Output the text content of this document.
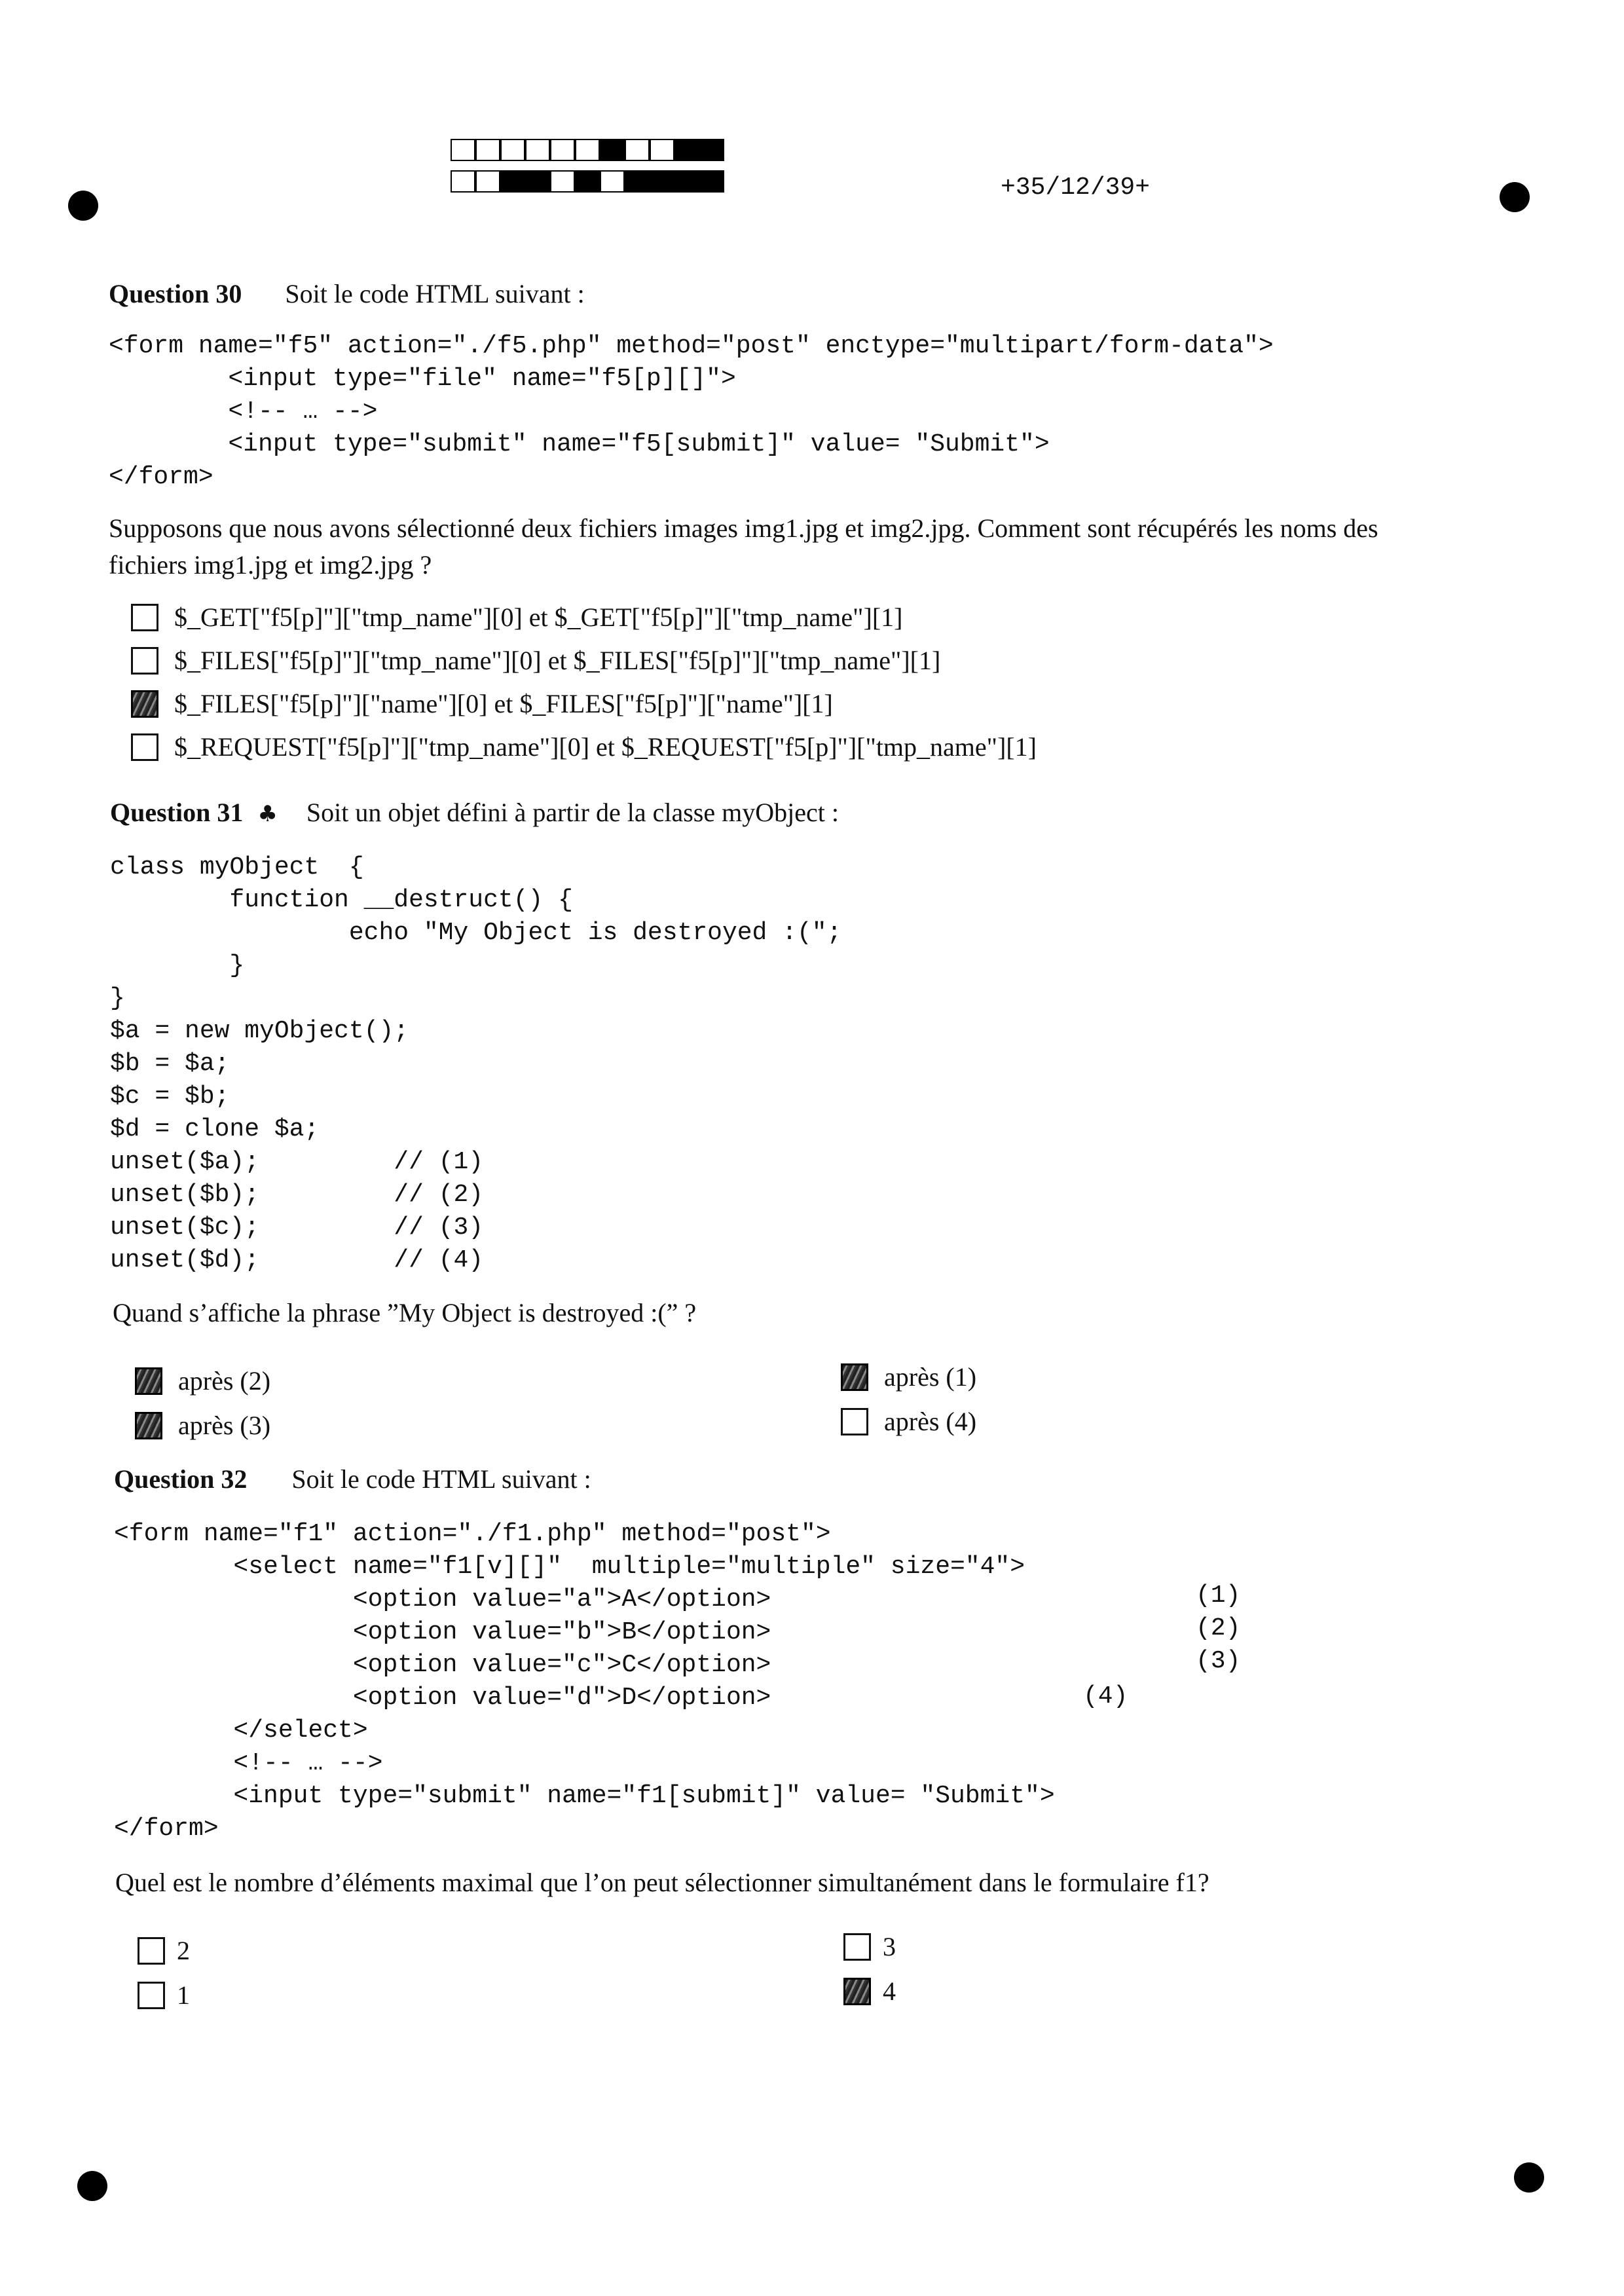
+35/12/39+
Question 30 Soit le code HTML suivant :
<form name="f5" action="./f5.php" method="post" enctype="multipart/form-data">
<input type="file" name="f5[p][]">
<!-- … -->
<input type="submit" name="f5[submit]" value= "Submit">
</form>
Supposons que nous avons sélectionné deux fichiers images img1.jpg et img2.jpg. Comment sont récupérés les noms des
fichiers img1.jpg et img2.jpg ?
$_GET["f5[p]"]["tmp_name"][0] et $_GET["f5[p]"]["tmp_name"][1]
$_FILES["f5[p]"]["tmp_name"][0] et $_FILES["f5[p]"]["tmp_name"][1]
$_FILES["f5[p]"]["name"][0] et $_FILES["f5[p]"]["name"][1]
$_REQUEST["f5[p]"]["tmp_name"][0] et $_REQUEST["f5[p]"]["tmp_name"][1]
Question 31 ♣ Soit un objet défini à partir de la classe myObject :
class myObject  {
function __destruct() {
echo "My Object is destroyed :(";
}
}
$a = new myObject();
$b = $a;
$c = $b;
$d = clone $a;
unset($a);         // (1)
unset($b);         // (2)
unset($c);         // (3)
unset($d);         // (4)
Quand s’affiche la phrase ”My Object is destroyed :(” ?
après (2)
après (3)
après (1)
après (4)
Question 32 Soit le code HTML suivant :
<form name="f1" action="./f1.php" method="post">
<select name="f1[v][]"  multiple="multiple" size="4">
<option value="a">A</option>
<option value="b">B</option>
<option value="c">C</option>
<option value="d">D</option>
</select>
<!-- … -->
<input type="submit" name="f1[submit]" value= "Submit">
</form>
(1)
(2)
(3)
(4)
Quel est le nombre d’éléments maximal que l’on peut sélectionner simultanément dans le formulaire f1?
2
1
3
4
